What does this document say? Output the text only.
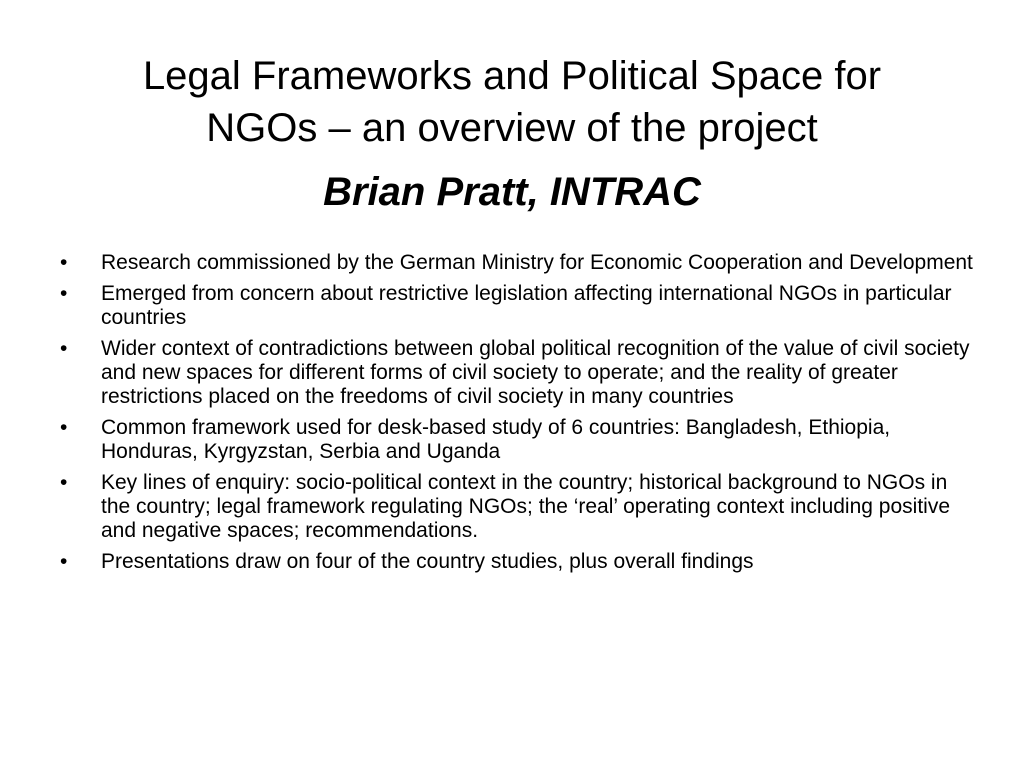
Legal Frameworks and Political Space for
NGOs – an overview of the project
Brian Pratt, INTRAC
•	Research commissioned by the German Ministry for Economic Cooperation and Development
•	Emerged from concern about restrictive legislation affecting international NGOs in particular countries
•	Wider context of contradictions between global political recognition of the value of civil society and new spaces for different forms of civil society to operate; and the reality of greater restrictions placed on the freedoms of civil society in many countries
•	Common framework used for desk-based study of 6 countries: Bangladesh, Ethiopia, Honduras, Kyrgyzstan, Serbia and Uganda
•	Key lines of enquiry: socio-political context in the country; historical background to NGOs in the country; legal framework regulating NGOs; the ‘real’ operating context including positive and negative spaces; recommendations.
•	Presentations draw on four of the country studies, plus overall findings
